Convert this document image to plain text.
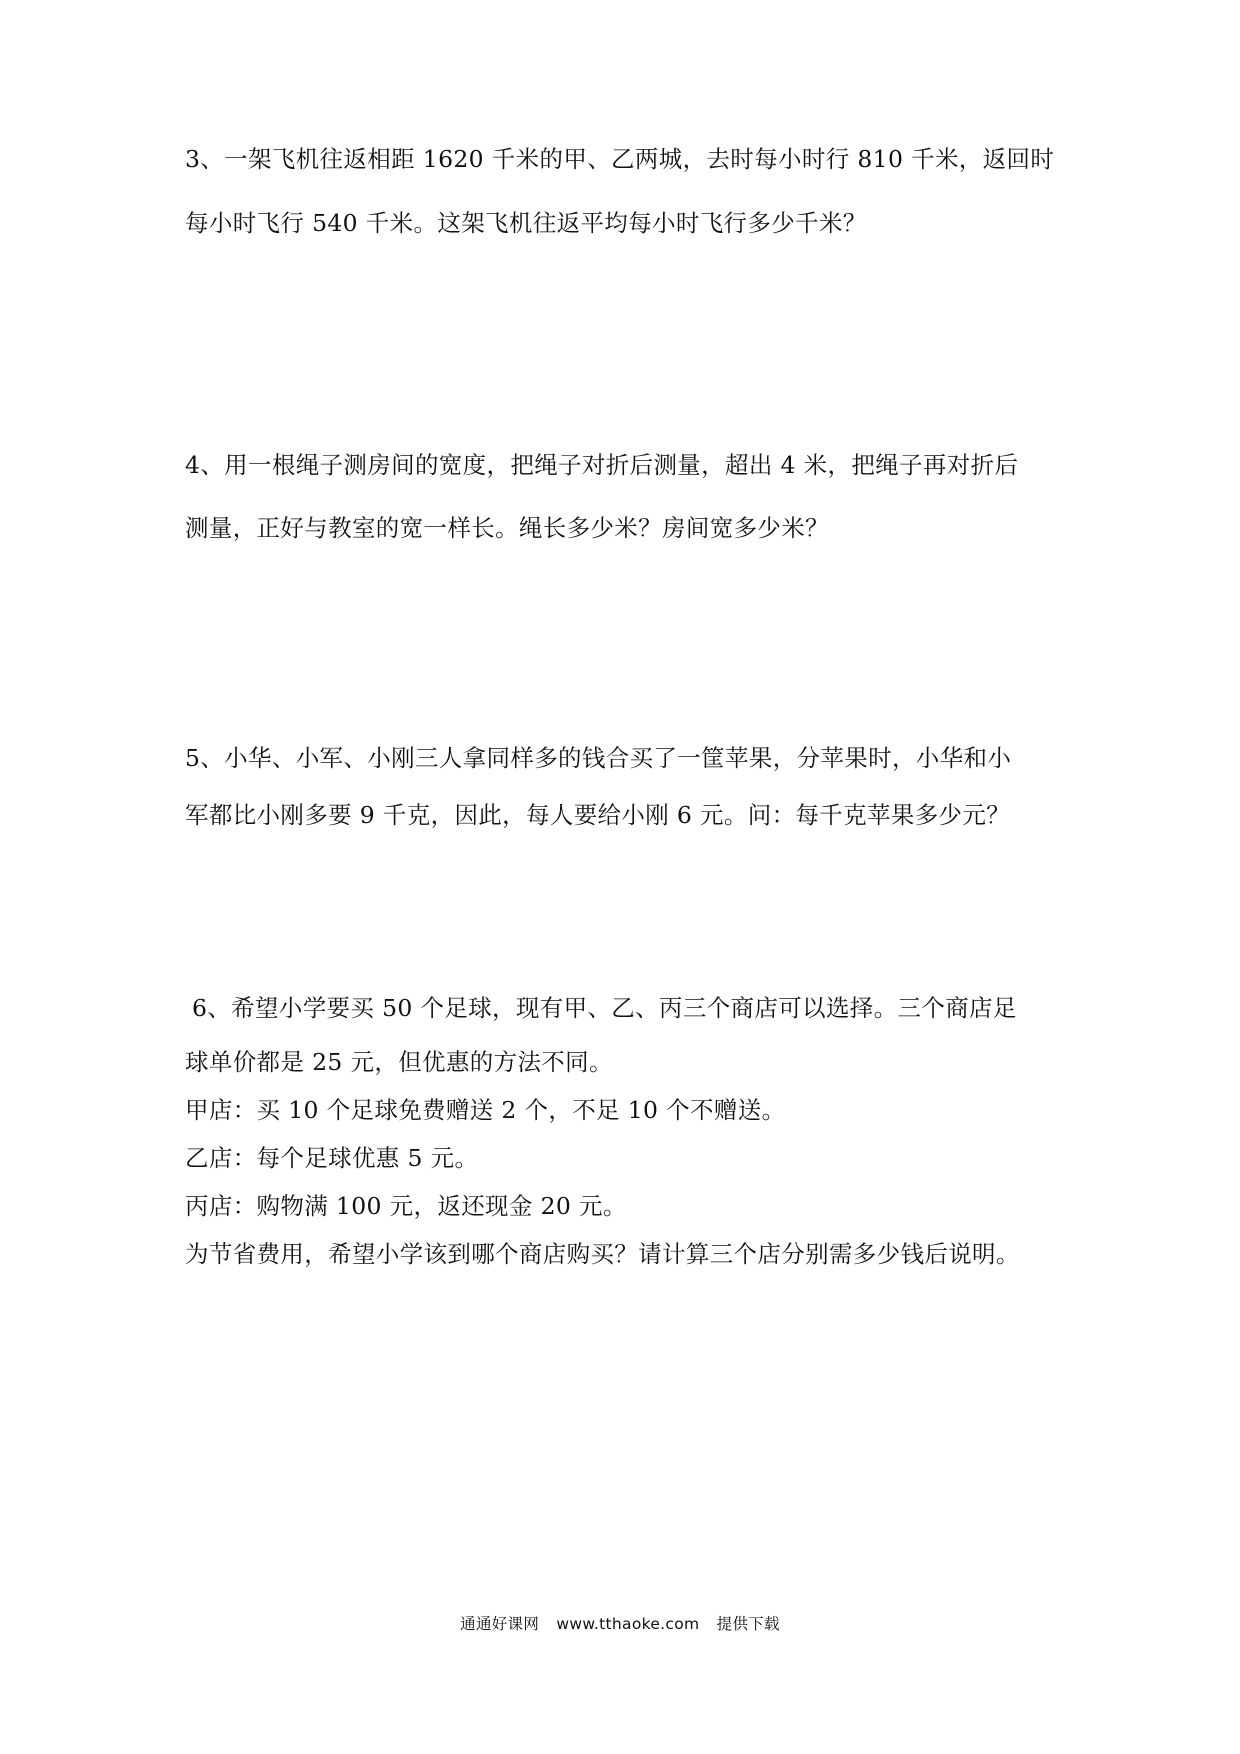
3、一架飞机往返相距 1620 千米的甲、乙两城，去时每小时行 810 千米，返回时
每小时飞行 540 千米。这架飞机往返平均每小时飞行多少千米？
4、用一根绳子测房间的宽度，把绳子对折后测量，超出 4 米，把绳子再对折后
测量，正好与教室的宽一样长。绳长多少米？房间宽多少米？
5、小华、小军、小刚三人拿同样多的钱合买了一筐苹果，分苹果时，小华和小
军都比小刚多要 9 千克，因此，每人要给小刚 6 元。问：每千克苹果多少元？
6、希望小学要买 50 个足球，现有甲、乙、丙三个商店可以选择。三个商店足
球单价都是 25 元，但优惠的方法不同。
甲店：买 10 个足球免费赠送 2 个，不足 10 个不赠送。
乙店：每个足球优惠 5 元。
丙店：购物满 100 元，返还现金 20 元。
为节省费用，希望小学该到哪个商店购买？请计算三个店分别需多少钱后说明。
通通好课网 www.tthaoke.com 提供下载
